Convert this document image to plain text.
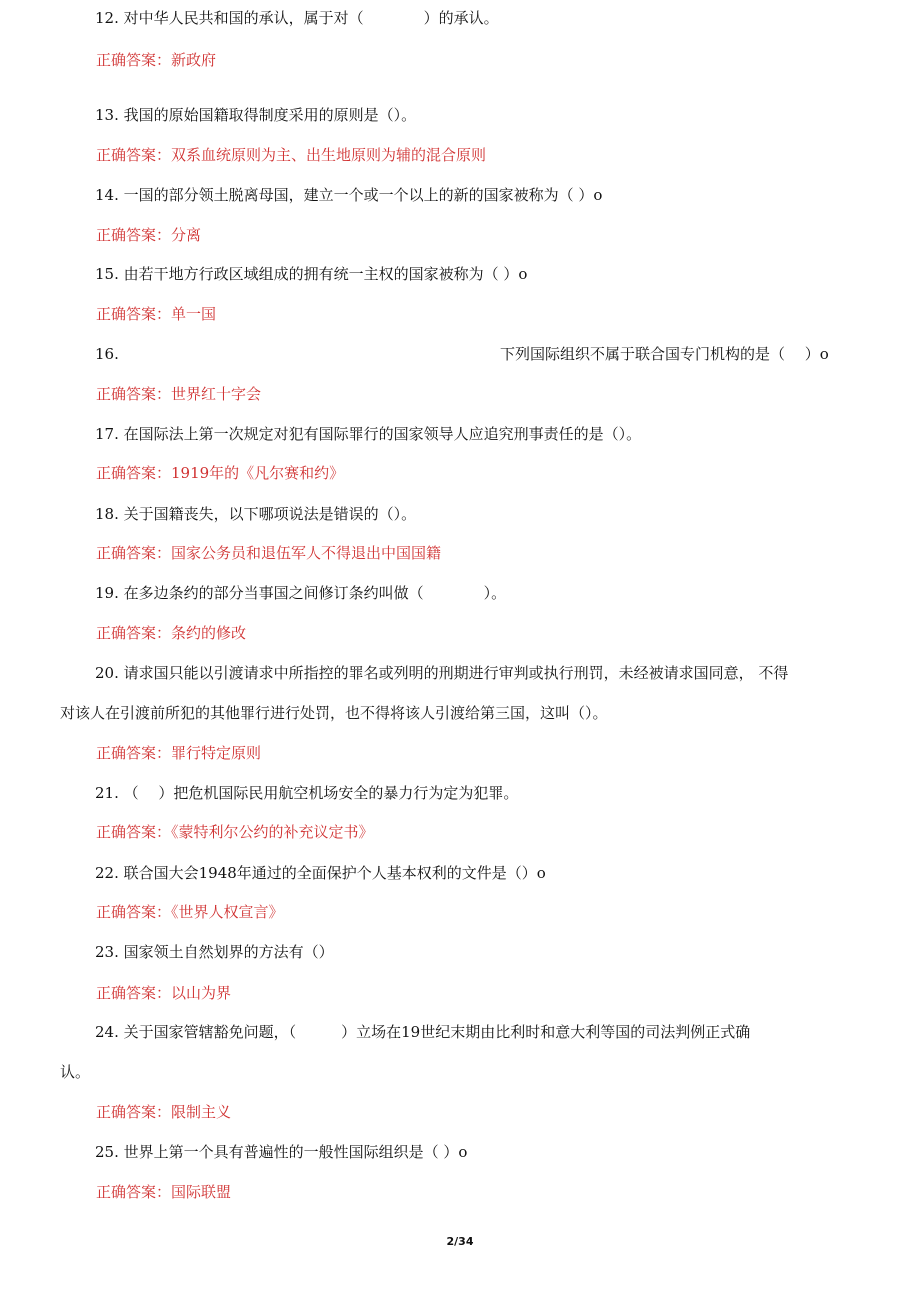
12. 对中华人民共和国的承认，属于对（　　　　）的承认。
正确答案：新政府
13. 我国的原始国籍取得制度采用的原则是（）。
正确答案：双系血统原则为主、出生地原则为辅的混合原则
14. 一国的部分领土脱离母国，建立一个或一个以上的新的国家被称为（ ）o
正确答案：分离
15. 由若干地方行政区域组成的拥有统一主权的国家被称为（ ）o
正确答案：单一国
16.	下列国际组织不属于联合国专门机构的是（　 ）o
正确答案：世界红十字会
17. 在国际法上第一次规定对犯有国际罪行的国家领导人应追究刑事责任的是（）。
正确答案：1919年的《凡尔赛和约》
18. 关于国籍丧失，以下哪项说法是错误的（）。
正确答案：国家公务员和退伍军人不得退出中国国籍
19. 在多边条约的部分当事国之间修订条约叫做（　　　　）。
正确答案：条约的修改
20. 请求国只能以引渡请求中所指控的罪名或列明的刑期进行审判或执行刑罚，未经被请求国同意， 不得
对该人在引渡前所犯的其他罪行进行处罚，也不得将该人引渡给第三国，这叫（）。
正确答案：罪行特定原则
21. （　 ）把危机国际民用航空机场安全的暴力行为定为犯罪。
正确答案：《蒙特利尔公约的补充议定书》
22. 联合国大会1948年通过的全面保护个人基本权利的文件是（）o
正确答案：《世界人权宣言》
23. 国家领土自然划界的方法有（）
正确答案：以山为界
24. 关于国家管辖豁免问题，（　　　）立场在19世纪末期由比利时和意大利等国的司法判例正式确
认。
正确答案：限制主义
25. 世界上第一个具有普遍性的一般性国际组织是（ ）o
正确答案：国际联盟
2/34
